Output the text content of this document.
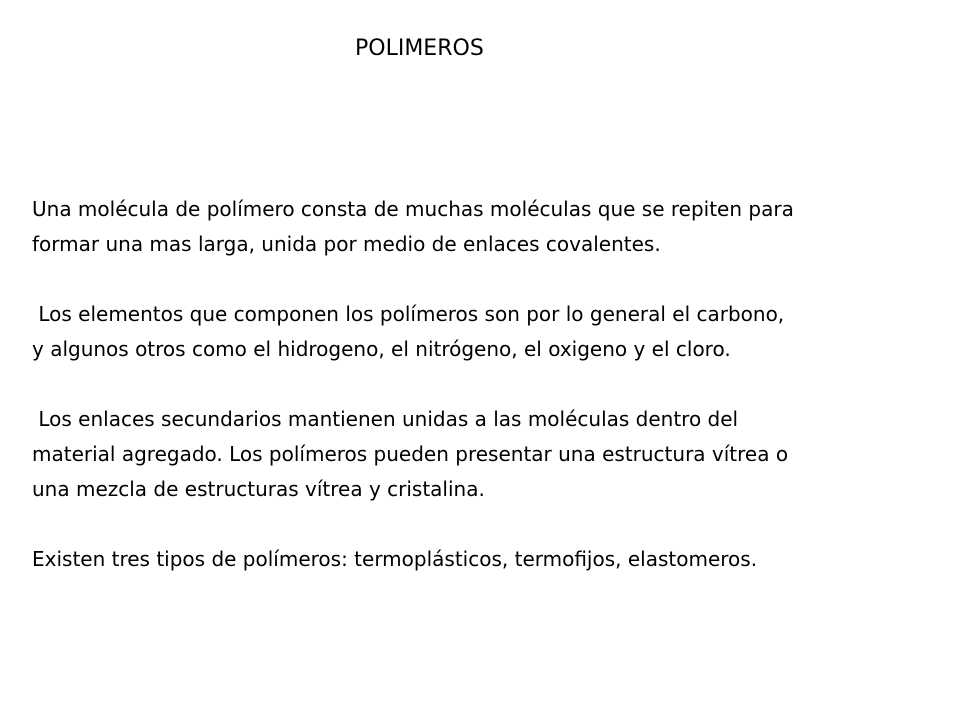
POLIMEROS

Una molécula de polímero consta de muchas moléculas que se repiten para
formar una mas larga, unida por medio de enlaces covalentes.

Los elementos que componen los polímeros son por lo general el carbono,
y algunos otros como el hidrogeno, el nitrógeno, el oxigeno y el cloro.

Los enlaces secundarios mantienen unidas a las moléculas dentro del
material agregado. Los polímeros pueden presentar una estructura vítrea o
una mezcla de estructuras vítrea y cristalina.

Existen tres tipos de polímeros: termoplásticos, termofijos, elastomeros.
